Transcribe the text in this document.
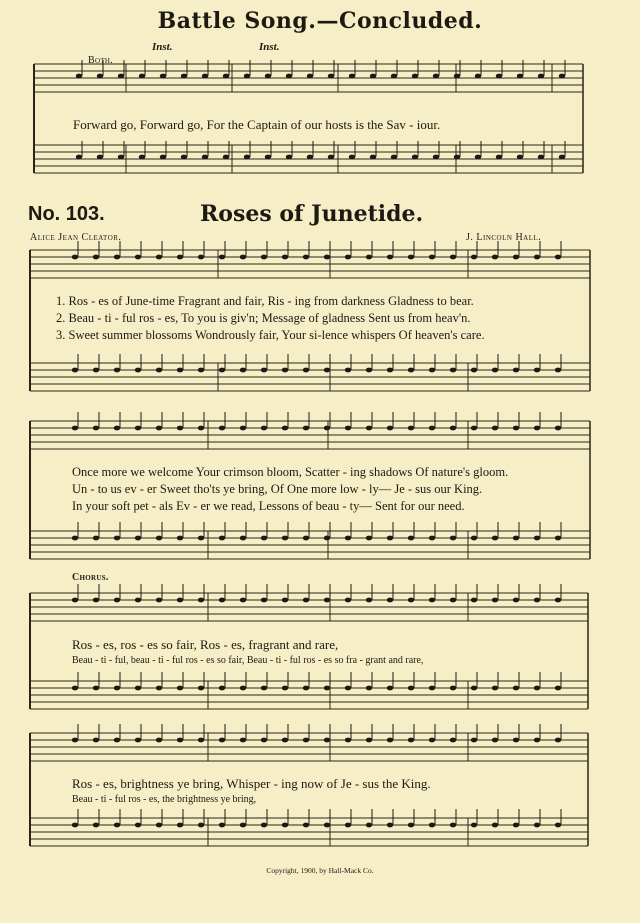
Battle Song.—Concluded.
Both.
Inst.	Inst.
Forward go, Forward go, For the Captain of our hosts is the Sav - iour.
No. 103.	Roses of Junetide.
Alice Jean Cleator.	J. Lincoln Hall.
1. Ros - es of June-time Fragrant and fair, Ris - ing from darkness Gladness to bear.
2. Beau - ti - ful ros - es, To you is giv'n; Message of gladness Sent us from heav'n.
3. Sweet summer blossoms Wondrously fair, Your si-lence whispers Of heaven's care.
Once more we welcome Your crimson bloom, Scatter - ing shadows Of nature's gloom.
Un - to us ev - er Sweet tho'ts ye bring, Of One more low - ly— Je - sus our King.
In your soft pet - als Ev - er we read, Lessons of beau - ty— Sent for our need.
Chorus.
Ros - es, ros - es so fair, Ros - es, fragrant and rare,
Beau - ti - ful, beau - ti - ful ros - es so fair, Beau - ti - ful ros - es so fra - grant and rare,
Ros - es, brightness ye bring, Whisper - ing now of Je - sus the King.
Beau - ti - ful ros - es, the brightness ye bring,
Copyright, 1900, by Hall-Mack Co.
